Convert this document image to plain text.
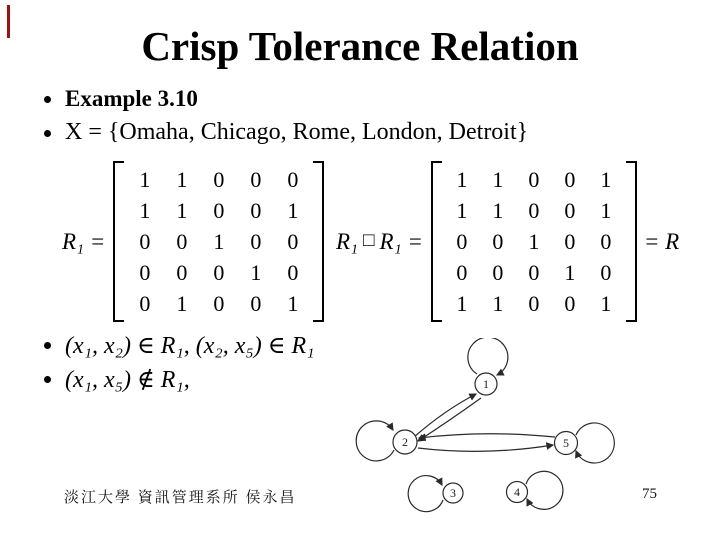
Crisp Tolerance Relation
Example 3.10
X = {Omaha, Chicago, Rome, London, Detroit}
R₁ =
1	1	0	0	0
1	1	0	0	1
0	0	1	0	0
0	0	0	1	0
0	1	0	0	1
R₁ □ R₁ =
1	1	0	0	1
1	1	0	0	1
0	0	1	0	0
0	0	0	1	0
1	1	0	0	1
= R
(x₁, x₂) ∈ R₁, (x₂, x₅) ∈ R₁
(x₁, x₅) ∉ R₁,	1
2
3	4
5
淡江大學 資訊管理系所 侯永昌	75
